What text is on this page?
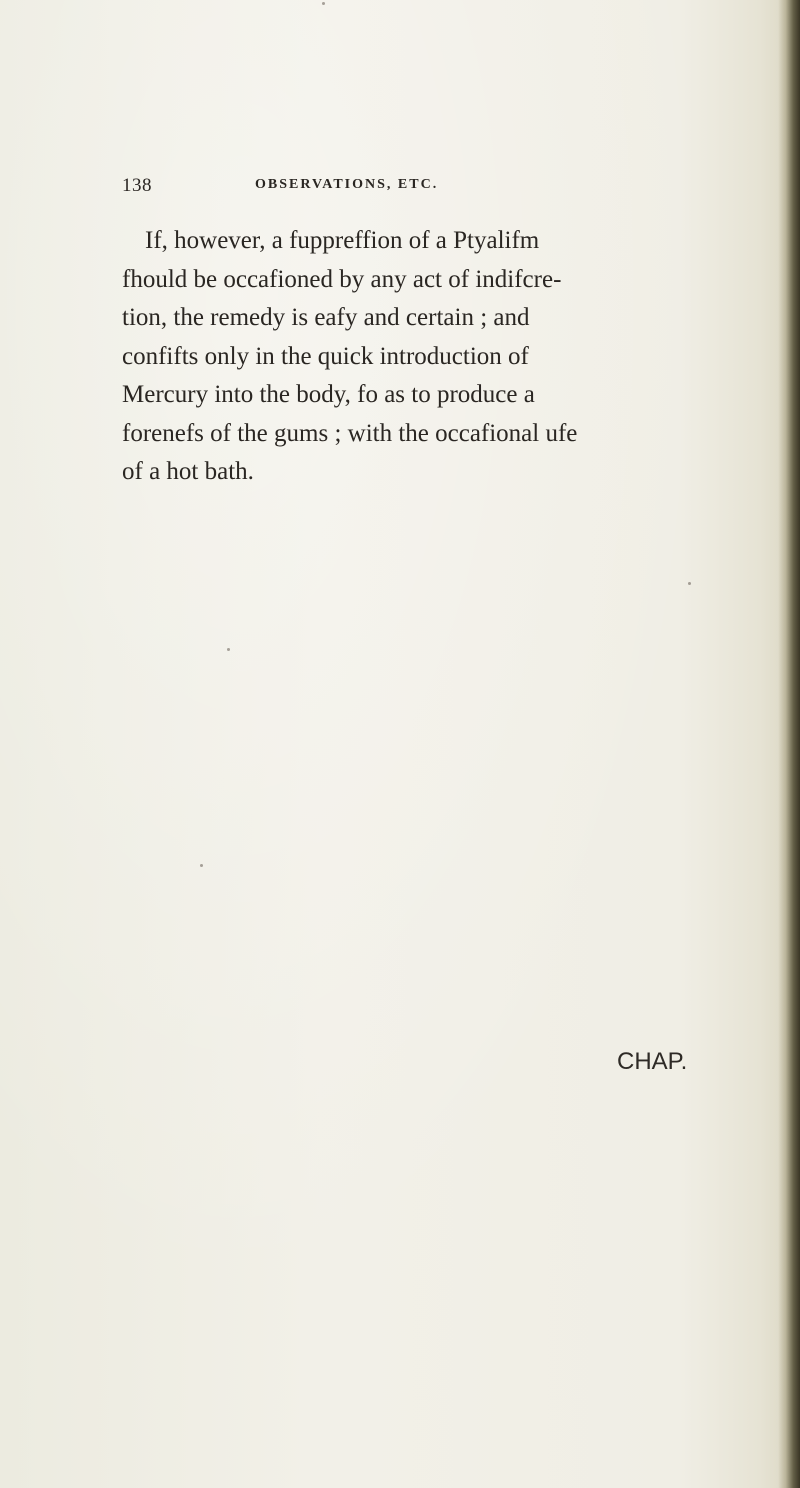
138	OBSERVATIONS, ETC.
If, however, a fuppreffion of a Ptyalifm
fhould be occafioned by any act of indifcre-
tion, the remedy is eafy and certain ; and
confifts only in the quick introduction of
Mercury into the body, fo as to produce a
forenefs of the gums ; with the occafional ufe
of a hot bath.
CHAP.
